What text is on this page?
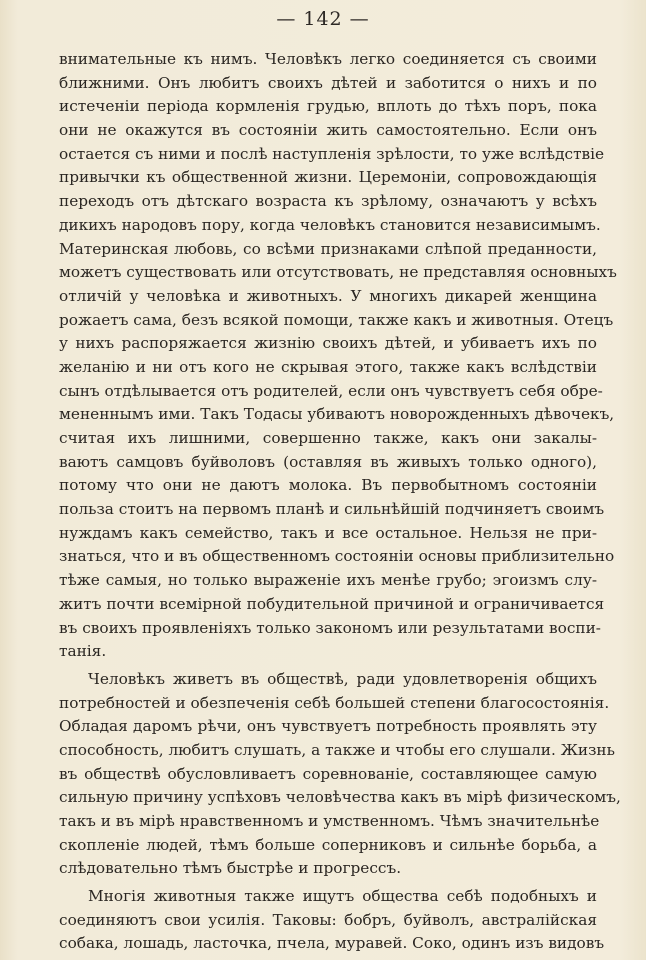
— 142 —
внимательные къ нимъ. Человѣкъ легко соединяется съ своими
ближними. Онъ любитъ своихъ дѣтей и заботится о нихъ и по
истеченіи періода кормленія грудью, вплоть до тѣхъ поръ, пока
они не окажутся въ состояніи жить самостоятельно. Если онъ
остается съ ними и послѣ наступленія зрѣлости, то уже вслѣдствіе
привычки къ общественной жизни. Церемоніи, сопровождающія
переходъ отъ дѣтскаго возраста къ зрѣлому, означаютъ у всѣхъ
дикихъ народовъ пору, когда человѣкъ становится независимымъ.
Материнская любовь, со всѣми признаками слѣпой преданности,
можетъ существовать или отсутствовать, не представляя основныхъ
отличій у человѣка и животныхъ. У многихъ дикарей женщина
рожаетъ сама, безъ всякой помощи, также какъ и животныя. Отецъ
у нихъ распоряжается жизнію своихъ дѣтей, и убиваетъ ихъ по
желанію и ни отъ кого не скрывая этого, также какъ вслѣдствіи
сынъ отдѣлывается отъ родителей, если онъ чувствуетъ себя обре-
мененнымъ ими. Такъ Тодасы убиваютъ новорожденныхъ дѣвочекъ,
считая ихъ лишними, совершенно также, какъ они закалы-
ваютъ самцовъ буйволовъ (оставляя въ живыхъ только одного),
потому что они не даютъ молока. Въ первобытномъ состояніи
польза стоитъ на первомъ планѣ и сильнѣйшій подчиняетъ своимъ
нуждамъ какъ семейство, такъ и все остальное. Нельзя не при-
знаться, что и въ общественномъ состояніи основы приблизительно
тѣже самыя, но только выраженіе ихъ менѣе грубо; эгоизмъ слу-
житъ почти всемірной побудительной причиной и ограничивается
въ своихъ проявленіяхъ только закономъ или результатами воспи-
танія.
Человѣкъ живетъ въ обществѣ, ради удовлетворенія общихъ
потребностей и обезпеченія себѣ большей степени благосостоянія.
Обладая даромъ рѣчи, онъ чувствуетъ потребность проявлять эту
способность, любитъ слушать, а также и чтобы его слушали. Жизнь
въ обществѣ обусловливаетъ соревнованіе, составляющее самую
сильную причину успѣховъ человѣчества какъ въ мірѣ физическомъ,
такъ и въ мірѣ нравственномъ и умственномъ. Чѣмъ значительнѣе
скопленіе людей, тѣмъ больше соперниковъ и сильнѣе борьба, а
слѣдовательно тѣмъ быстрѣе и прогрессъ.
Многія животныя также ищутъ общества себѣ подобныхъ и
соединяютъ свои усилія. Таковы: бобръ, буйволъ, австралійская
собака, лошадь, ласточка, пчела, муравей. Соко, одинъ изъ видовъ
